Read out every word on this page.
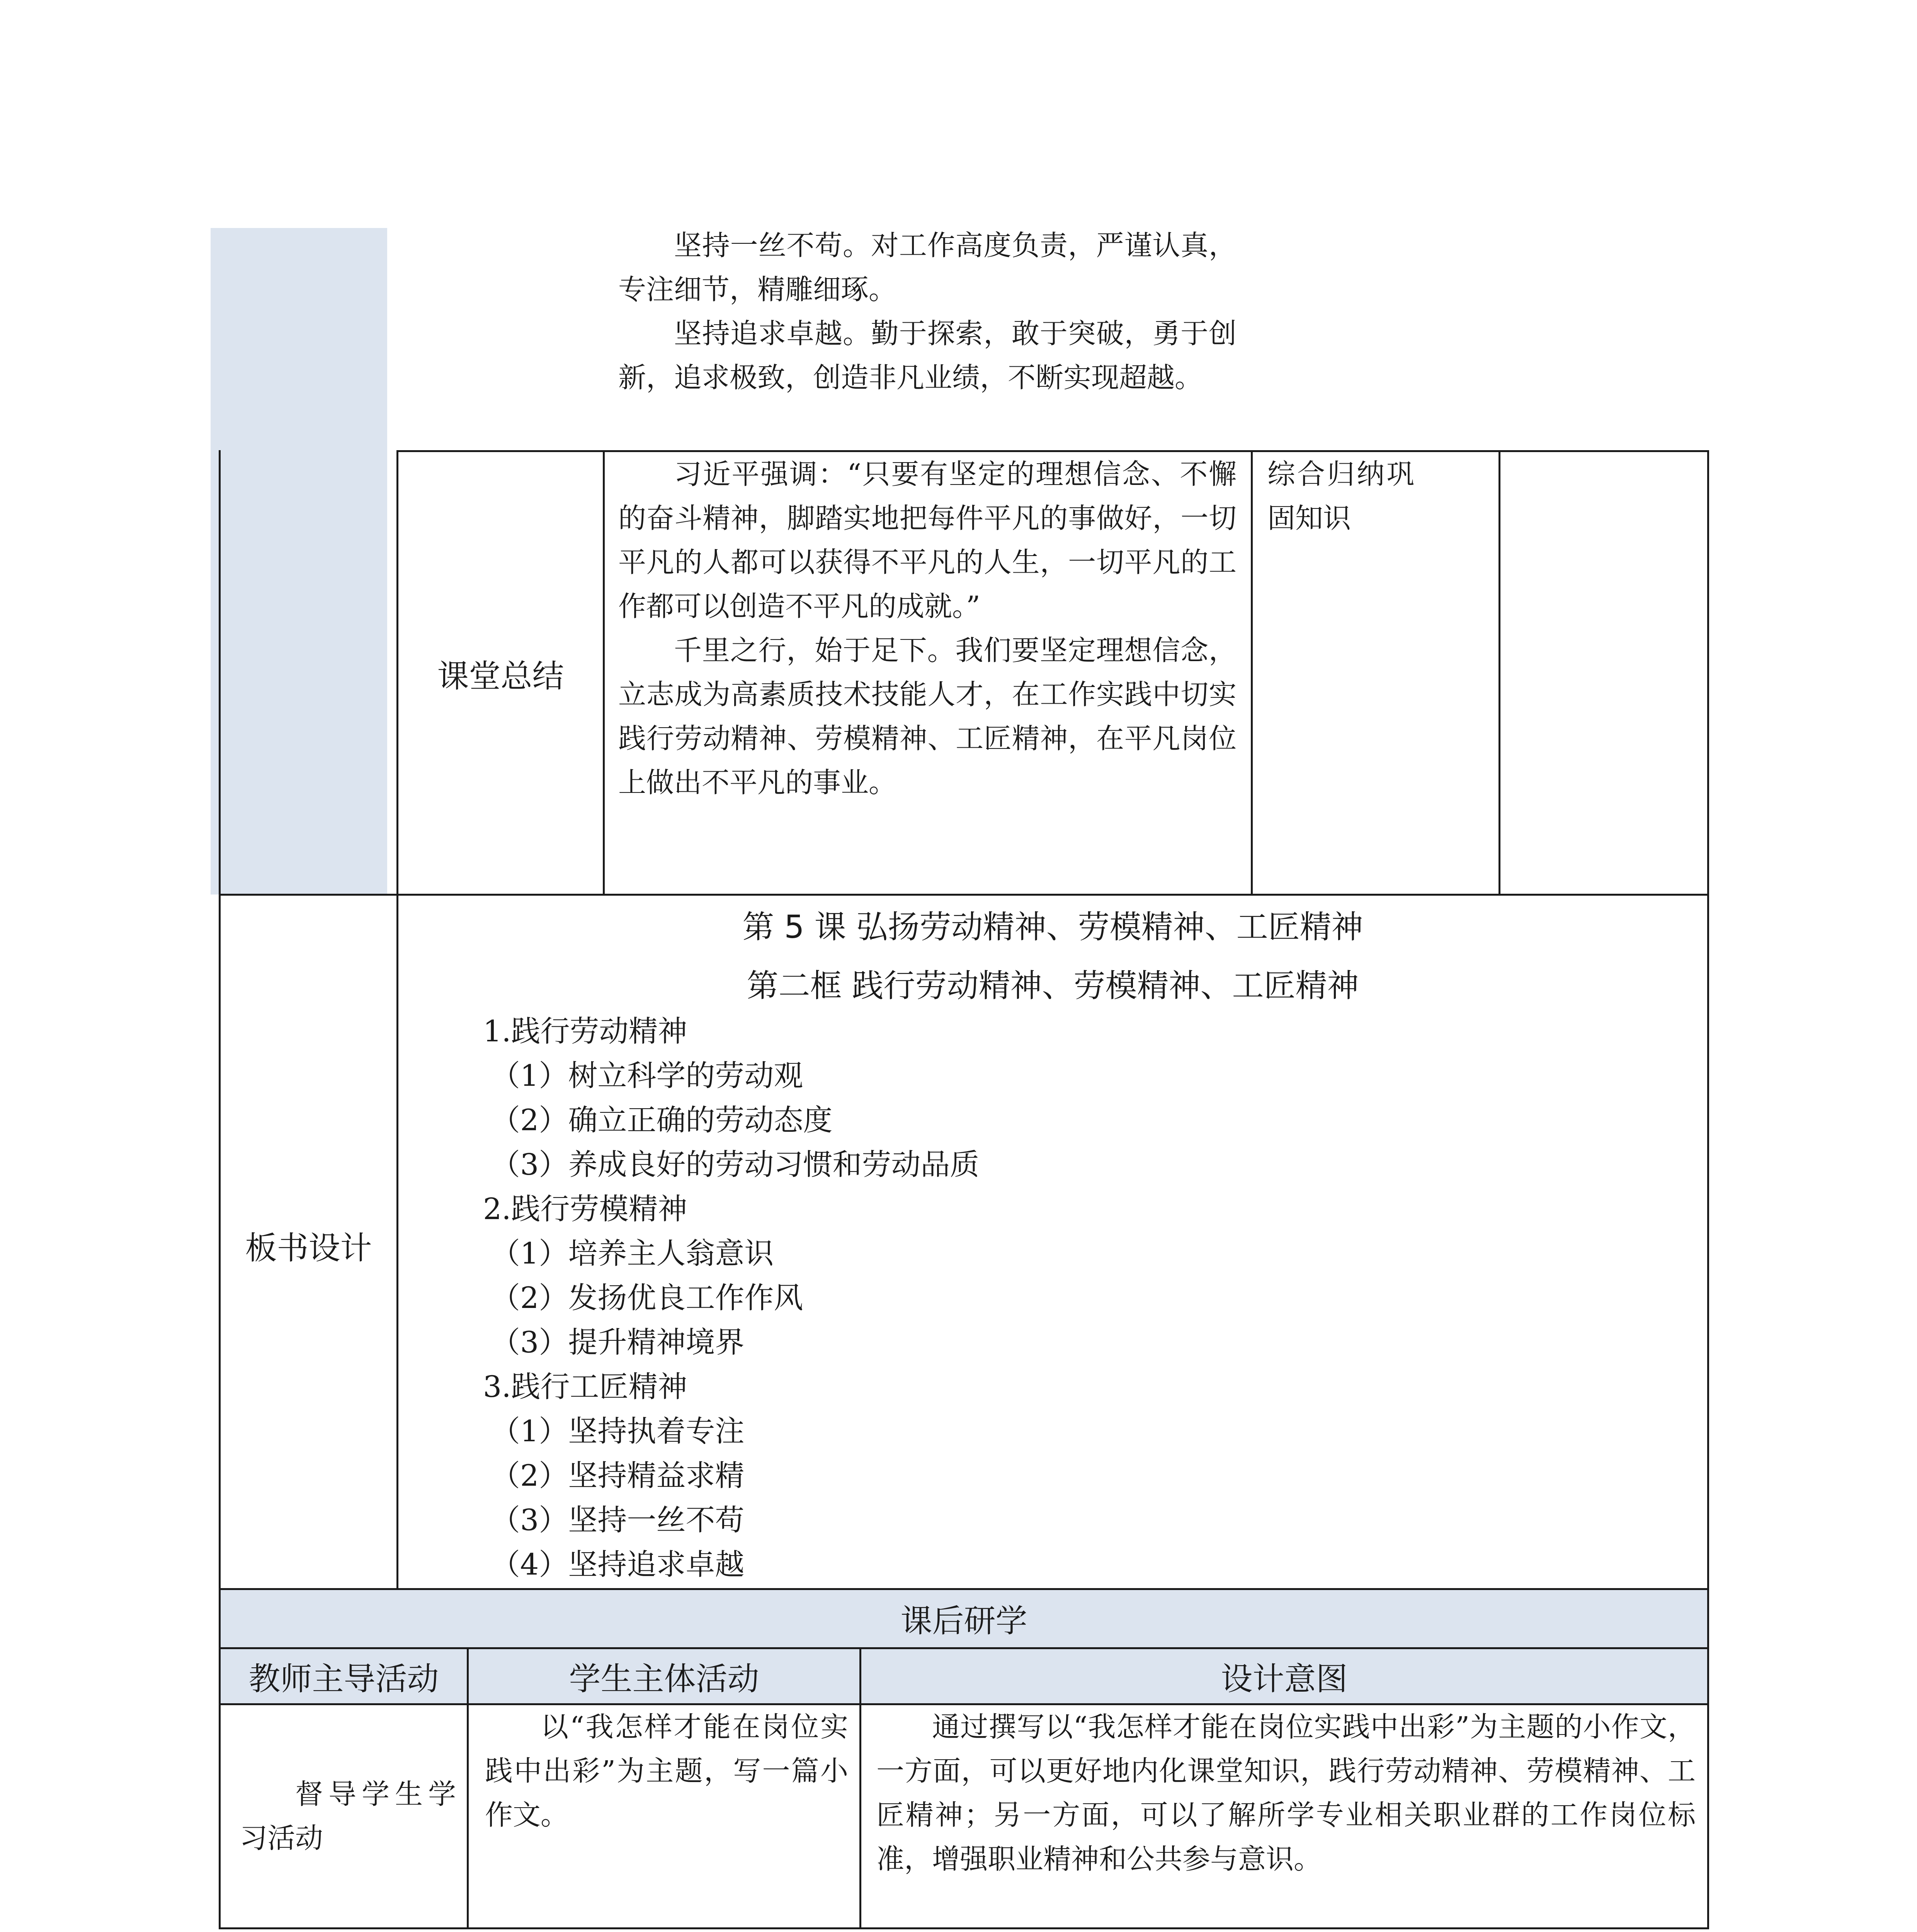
坚持一丝不苟。对工作高度负责，严谨认真，专注细节，精雕细琢。
坚持追求卓越。勤于探索，敢于突破，勇于创新，追求极致，创造非凡业绩，不断实现超越。
课堂总结
习近平强调：“只要有坚定的理想信念、不懈的奋斗精神，脚踏实地把每件平凡的事做好，一切平凡的人都可以获得不平凡的人生，一切平凡的工作都可以创造不平凡的成就。”
千里之行，始于足下。我们要坚定理想信念，立志成为高素质技术技能人才，在工作实践中切实践行劳动精神、劳模精神、工匠精神，在平凡岗位上做出不平凡的事业。
综合归纳巩固知识
板书设计
第 5 课 弘扬劳动精神、劳模精神、工匠精神
第二框 践行劳动精神、劳模精神、工匠精神
1.践行劳动精神
（1）树立科学的劳动观
（2）确立正确的劳动态度
（3）养成良好的劳动习惯和劳动品质
2.践行劳模精神
（1）培养主人翁意识
（2）发扬优良工作作风
（3）提升精神境界
3.践行工匠精神
（1）坚持执着专注
（2）坚持精益求精
（3）坚持一丝不苟
（4）坚持追求卓越
课后研学
教师主导活动	学生主体活动	设计意图
督导学生学习活动
以“我怎样才能在岗位实践中出彩”为主题，写一篇小作文。
通过撰写以“我怎样才能在岗位实践中出彩”为主题的小作文，一方面，可以更好地内化课堂知识，践行劳动精神、劳模精神、工匠精神；另一方面，可以了解所学专业相关职业群的工作岗位标准，增强职业精神和公共参与意识。
